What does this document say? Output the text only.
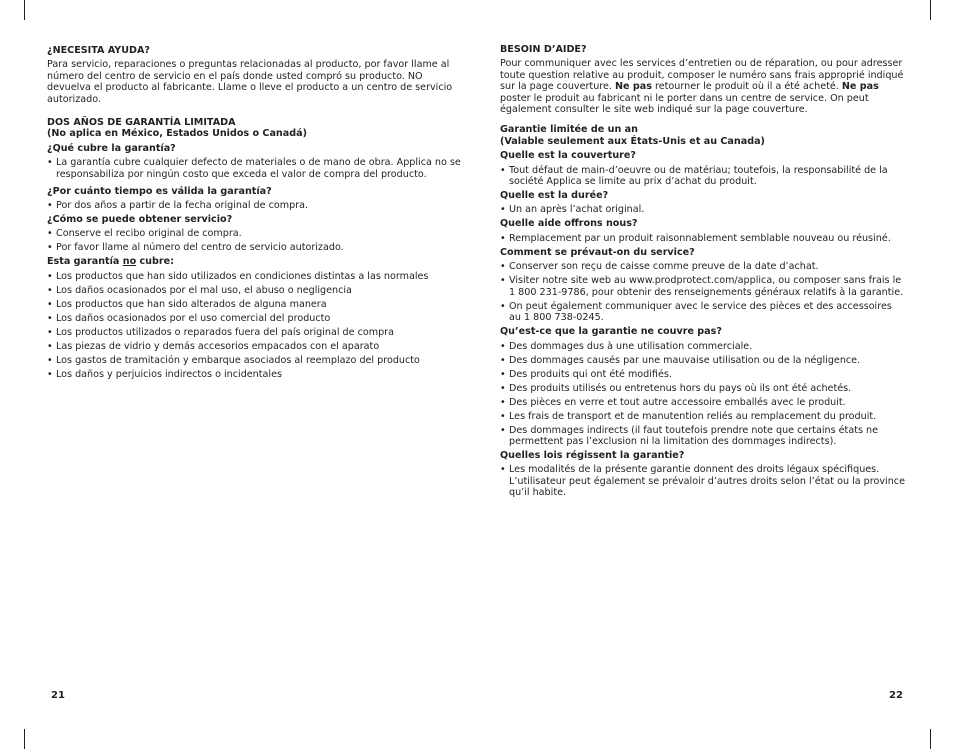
¿NECESITA AYUDA?

Para servicio, reparaciones o preguntas relacionadas al producto, por favor llame al número del centro de servicio en el país donde usted compró su producto. NO devuelva el producto al fabricante. Llame o lleve el producto a un centro de servicio autorizado.

DOS AÑOS DE GARANTÍA LIMITADA

(No aplica en México, Estados Unidos o Canadá)

¿Qué cubre la garantía?

• La garantía cubre cualquier defecto de materiales o de mano de obra. Applica no se responsabiliza por ningún costo que exceda el valor de compra del producto.

¿Por cuánto tiempo es válida la garantía?

• Por dos años a partir de la fecha original de compra.

¿Cómo se puede obtener servicio?

• Conserve el recibo original de compra.
• Por favor llame al número del centro de servicio autorizado.

Esta garantía no cubre:

• Los productos que han sido utilizados en condiciones distintas a las normales
• Los daños ocasionados por el mal uso, el abuso o negligencia
• Los productos que han sido alterados de alguna manera
• Los daños ocasionados por el uso comercial del producto
• Los productos utilizados o reparados fuera del país original de compra
• Las piezas de vidrio y demás accesorios empacados con el aparato
• Los gastos de tramitación y embarque asociados al reemplazo del producto
• Los daños y perjuicios indirectos o incidentales

BESOIN D’AIDE?

Pour communiquer avec les services d’entretien ou de réparation, ou pour adresser toute question relative au produit, composer le numéro sans frais approprié indiqué sur la page couverture. Ne pas retourner le produit où il a été acheté. Ne pas poster le produit au fabricant ni le porter dans un centre de service. On peut également consulter le site web indiqué sur la page couverture.

Garantie limitée de un an

(Valable seulement aux États-Unis et au Canada)

Quelle est la couverture?

• Tout défaut de main-d’oeuvre ou de matériau; toutefois, la responsabilité de la société Applica se limite au prix d’achat du produit.

Quelle est la durée?

• Un an après l’achat original.

Quelle aide offrons nous?

• Remplacement par un produit raisonnablement semblable nouveau ou réusiné.

Comment se prévaut-on du service?

• Conserver son reçu de caisse comme preuve de la date d’achat.
• Visiter notre site web au www.prodprotect.com/applica, ou composer sans frais le 1 800 231-9786, pour obtenir des renseignements généraux relatifs à la garantie.
• On peut également communiquer avec le service des pièces et des accessoires au 1 800 738-0245.

Qu’est-ce que la garantie ne couvre pas?

• Des dommages dus à une utilisation commerciale.
• Des dommages causés par une mauvaise utilisation ou de la négligence.
• Des produits qui ont été modifiés.
• Des produits utilisés ou entretenus hors du pays où ils ont été achetés.
• Des pièces en verre et tout autre accessoire emballés avec le produit.
• Les frais de transport et de manutention reliés au remplacement du produit.
• Des dommages indirects (il faut toutefois prendre note que certains états ne permettent pas l’exclusion ni la limitation des dommages indirects).

Quelles lois régissent la garantie?

• Les modalités de la présente garantie donnent des droits légaux spécifiques. L’utilisateur peut également se prévaloir d’autres droits selon l’état ou la province qu’il habite.
21	22
